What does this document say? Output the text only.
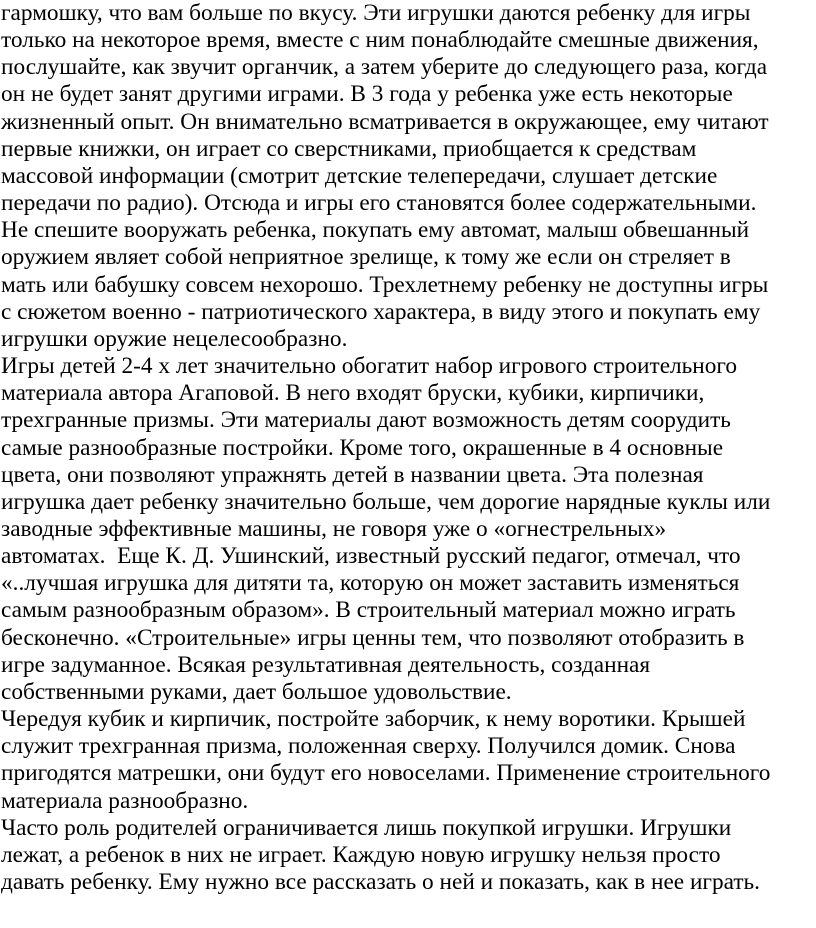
гармошку, что вам больше по вкусу. Эти игрушки даются ребенку для игры
только на некоторое время, вместе с ним понаблюдайте смешные движения,
послушайте, как звучит органчик, а затем уберите до следующего раза, когда
он не будет занят другими играми. В 3 года у ребенка уже есть некоторые
жизненный опыт. Он внимательно всматривается в окружающее, ему читают
первые книжки, он играет со сверстниками, приобщается к средствам
массовой информации (смотрит детские телепередачи, слушает детские
передачи по радио). Отсюда и игры его становятся более содержательными.
Не спешите вооружать ребенка, покупать ему автомат, малыш обвешанный
оружием являет собой неприятное зрелище, к тому же если он стреляет в
мать или бабушку совсем нехорошо. Трехлетнему ребенку не доступны игры
с сюжетом военно - патриотического характера, в виду этого и покупать ему
игрушки оружие нецелесообразно.
Игры детей 2-4 х лет значительно обогатит набор игрового строительного
материала автора Агаповой. В него входят бруски, кубики, кирпичики,
трехгранные призмы. Эти материалы дают возможность детям соорудить
самые разнообразные постройки. Кроме того, окрашенные в 4 основные
цвета, они позволяют упражнять детей в названии цвета. Эта полезная
игрушка дает ребенку значительно больше, чем дорогие нарядные куклы или
заводные эффективные машины, не говоря уже о «огнестрельных»
автоматах.  Еще К. Д. Ушинский, известный русский педагог, отмечал, что
«..лучшая игрушка для дитяти та, которую он может заставить изменяться
самым разнообразным образом». В строительный материал можно играть
бесконечно. «Строительные» игры ценны тем, что позволяют отобразить в
игре задуманное. Всякая результативная деятельность, созданная
собственными руками, дает большое удовольствие.
Чередуя кубик и кирпичик, постройте заборчик, к нему воротики. Крышей
служит трехгранная призма, положенная сверху. Получился домик. Снова
пригодятся матрешки, они будут его новоселами. Применение строительного
материала разнообразно.
Часто роль родителей ограничивается лишь покупкой игрушки. Игрушки
лежат, а ребенок в них не играет. Каждую новую игрушку нельзя просто
давать ребенку. Ему нужно все рассказать о ней и показать, как в нее играть.
